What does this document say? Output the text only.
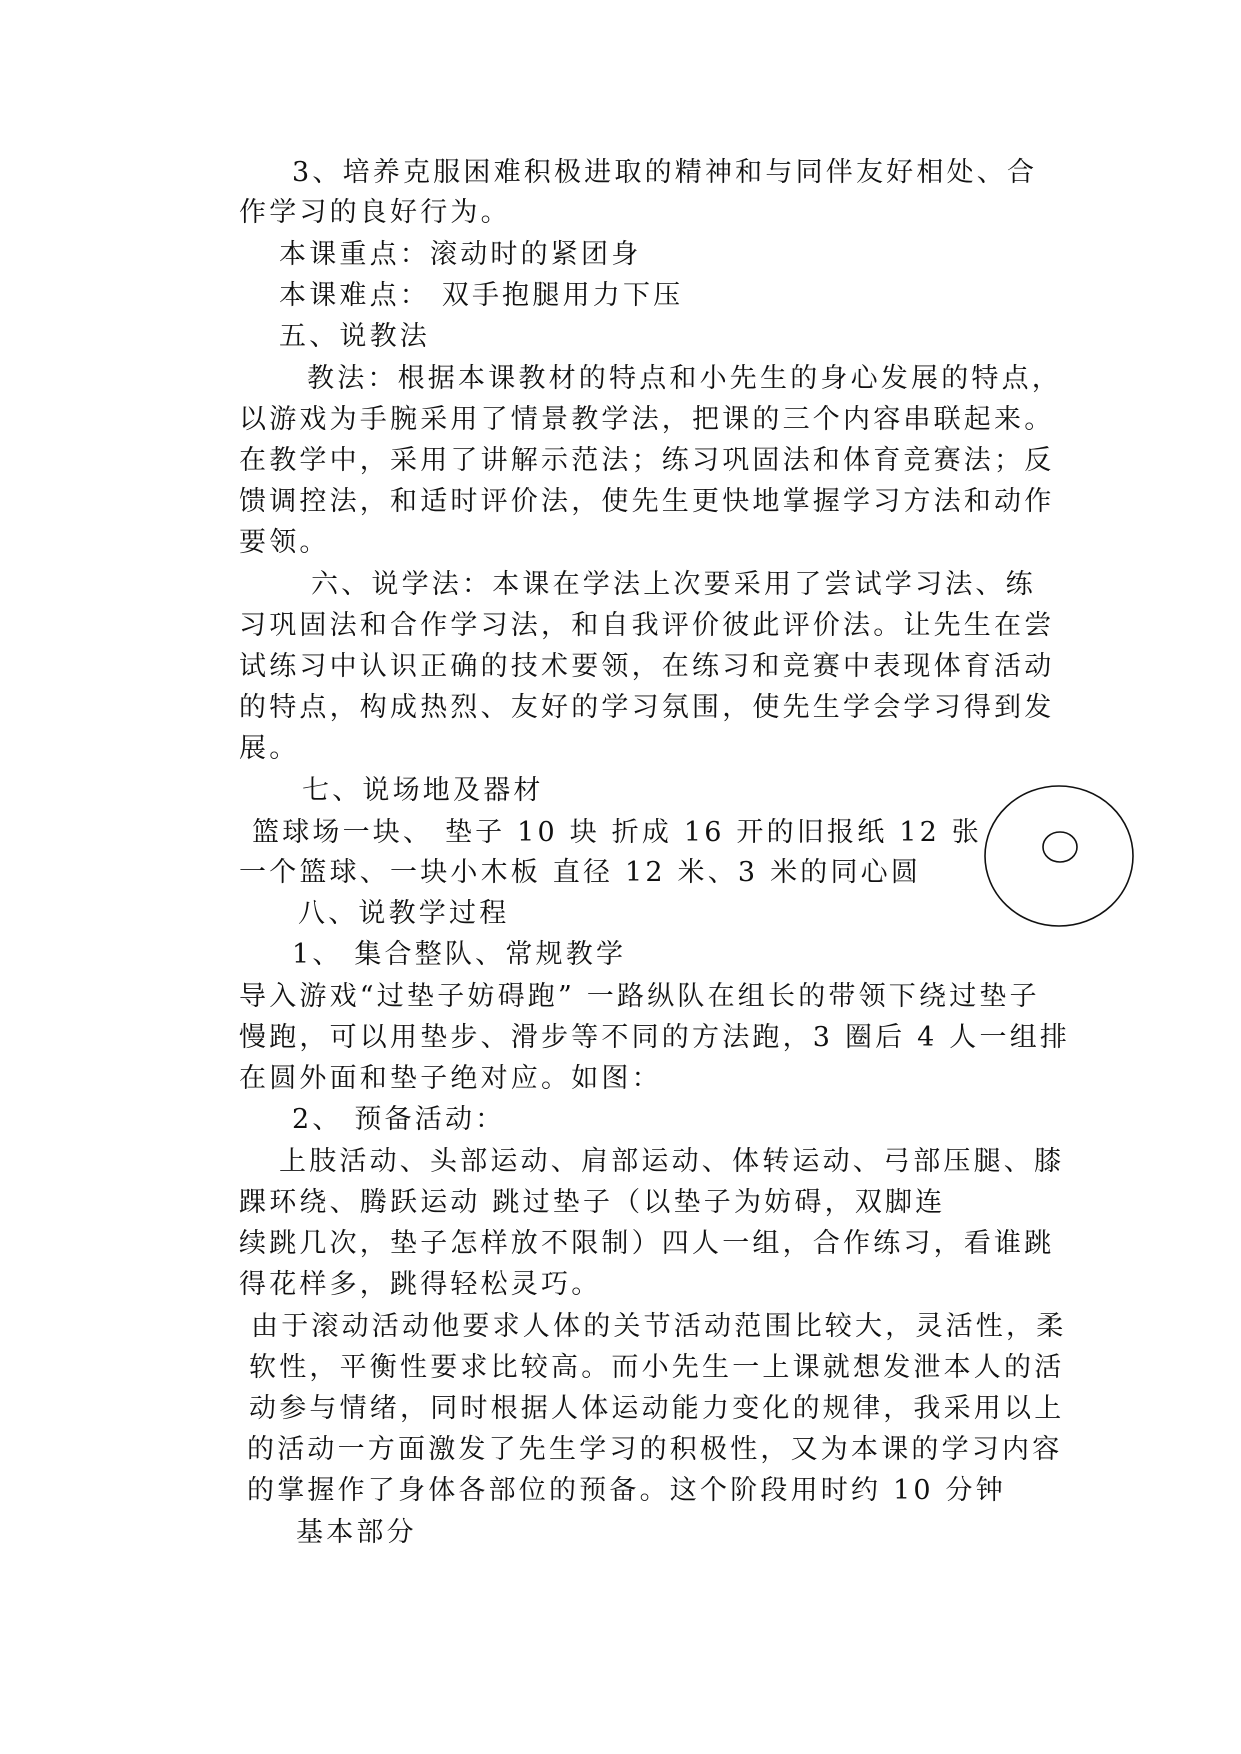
3、培养克服困难积极进取的精神和与同伴友好相处、合
作学习的良好行为。
本课重点：滚动时的紧团身
本课难点： 双手抱腿用力下压
五、说教法
教法：根据本课教材的特点和小先生的身心发展的特点，
以游戏为手腕采用了情景教学法，把课的三个内容串联起来。
在教学中，采用了讲解示范法；练习巩固法和体育竞赛法；反
馈调控法，和适时评价法，使先生更快地掌握学习方法和动作
要领。
六、说学法：本课在学法上次要采用了尝试学习法、练
习巩固法和合作学习法，和自我评价彼此评价法。让先生在尝
试练习中认识正确的技术要领，在练习和竞赛中表现体育活动
的特点，构成热烈、友好的学习氛围，使先生学会学习得到发
展。
七、说场地及器材
篮球场一块、 垫子 10 块 折成 16 开的旧报纸 12 张
一个篮球、一块小木板 直径 12 米、3 米的同心圆
八、说教学过程
1、 集合整队、常规教学
导入游戏“过垫子妨碍跑” 一路纵队在组长的带领下绕过垫子
慢跑，可以用垫步、滑步等不同的方法跑，3 圈后 4 人一组排
在圆外面和垫子绝对应。如图：
2、 预备活动：
上肢活动、头部运动、肩部运动、体转运动、弓部压腿、膝
踝环绕、腾跃运动 跳过垫子（以垫子为妨碍，双脚连
续跳几次，垫子怎样放不限制）四人一组，合作练习，看谁跳
得花样多，跳得轻松灵巧。
由于滚动活动他要求人体的关节活动范围比较大，灵活性，柔
软性，平衡性要求比较高。而小先生一上课就想发泄本人的活
动参与情绪，同时根据人体运动能力变化的规律，我采用以上
的活动一方面激发了先生学习的积极性，又为本课的学习内容
的掌握作了身体各部位的预备。这个阶段用时约 10 分钟
基本部分
